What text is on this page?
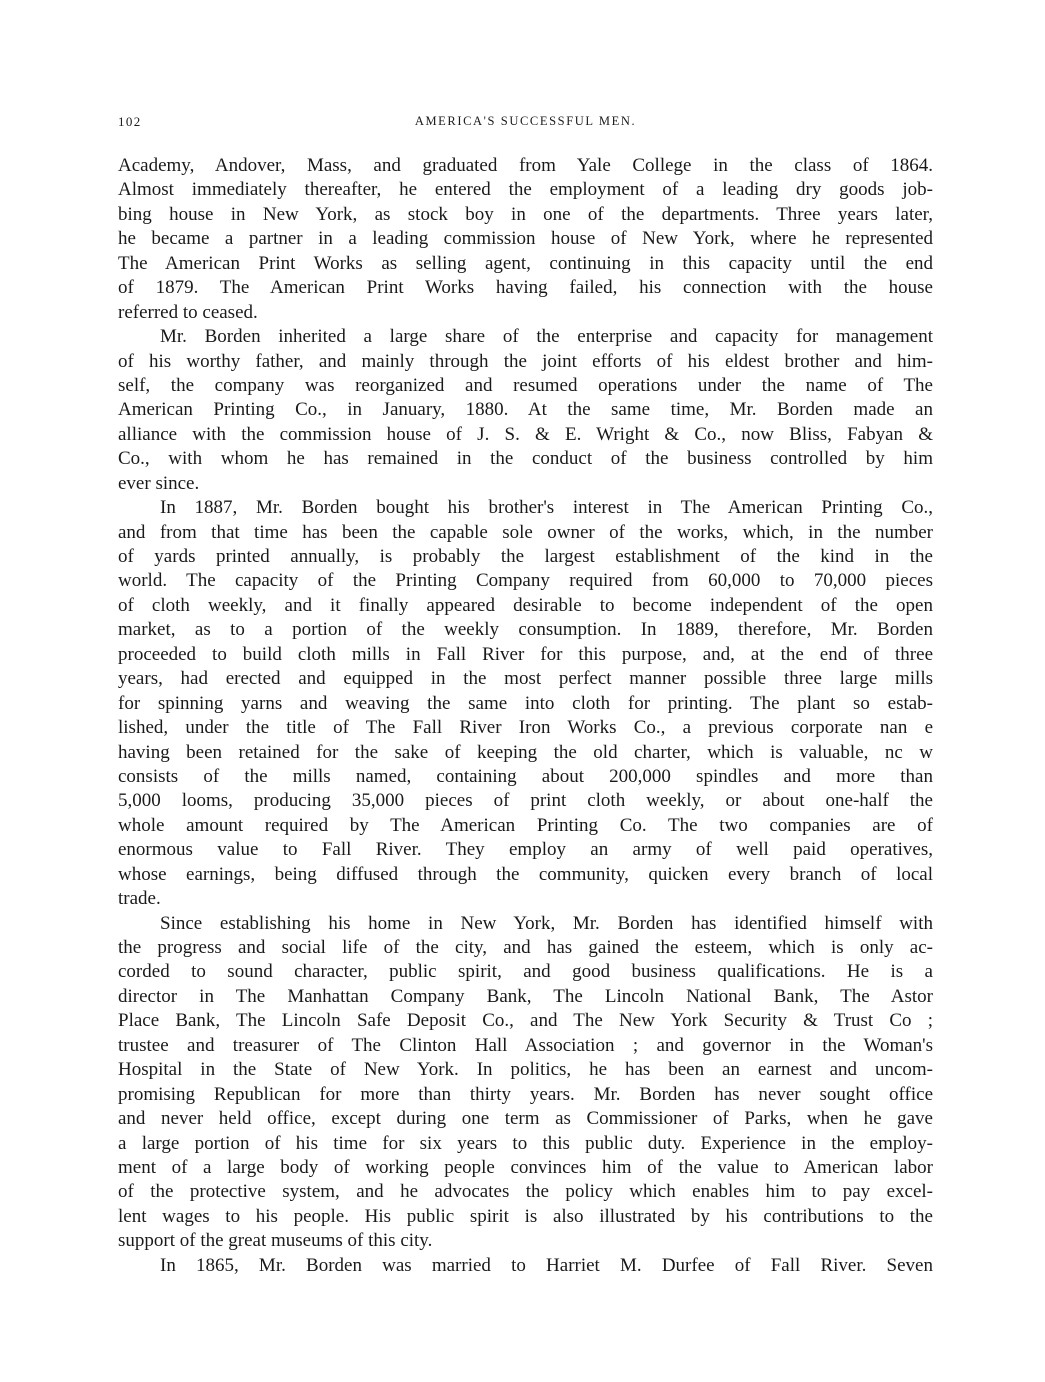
102	AMERICA'S SUCCESSFUL MEN.
Academy, Andover, Mass, and graduated from Yale College in the class of 1864.
Almost immediately thereafter, he entered the employment of a leading dry goods job-
bing house in New York, as stock boy in one of the departments. Three years later,
he became a partner in a leading commission house of New York, where he represented
The American Print Works as selling agent, continuing in this capacity until the end
of 1879. The American Print Works having failed, his connection with the house
referred to ceased.
Mr. Borden inherited a large share of the enterprise and capacity for management
of his worthy father, and mainly through the joint efforts of his eldest brother and him-
self, the company was reorganized and resumed operations under the name of The
American Printing Co., in January, 1880. At the same time, Mr. Borden made an
alliance with the commission house of J. S. & E. Wright & Co., now Bliss, Fabyan &
Co., with whom he has remained in the conduct of the business controlled by him
ever since.
In 1887, Mr. Borden bought his brother's interest in The American Printing Co.,
and from that time has been the capable sole owner of the works, which, in the number
of yards printed annually, is probably the largest establishment of the kind in the
world. The capacity of the Printing Company required from 60,000 to 70,000 pieces
of cloth weekly, and it finally appeared desirable to become independent of the open
market, as to a portion of the weekly consumption. In 1889, therefore, Mr. Borden
proceeded to build cloth mills in Fall River for this purpose, and, at the end of three
years, had erected and equipped in the most perfect manner possible three large mills
for spinning yarns and weaving the same into cloth for printing. The plant so estab-
lished, under the title of The Fall River Iron Works Co., a previous corporate nan e
having been retained for the sake of keeping the old charter, which is valuable, nc w
consists of the mills named, containing about 200,000 spindles and more than
5,000 looms, producing 35,000 pieces of print cloth weekly, or about one-half the
whole amount required by The American Printing Co. The two companies are of
enormous value to Fall River. They employ an army of well paid operatives,
whose earnings, being diffused through the community, quicken every branch of local
trade.
Since establishing his home in New York, Mr. Borden has identified himself with
the progress and social life of the city, and has gained the esteem, which is only ac-
corded to sound character, public spirit, and good business qualifications. He is a
director in The Manhattan Company Bank, The Lincoln National Bank, The Astor
Place Bank, The Lincoln Safe Deposit Co., and The New York Security & Trust Co ;
trustee and treasurer of The Clinton Hall Association ; and governor in the Woman's
Hospital in the State of New York. In politics, he has been an earnest and uncom-
promising Republican for more than thirty years. Mr. Borden has never sought office
and never held office, except during one term as Commissioner of Parks, when he gave
a large portion of his time for six years to this public duty. Experience in the employ-
ment of a large body of working people convinces him of the value to American labor
of the protective system, and he advocates the policy which enables him to pay excel-
lent wages to his people. His public spirit is also illustrated by his contributions to the
support of the great museums of this city.
In 1865, Mr. Borden was married to Harriet M. Durfee of Fall River. Seven
